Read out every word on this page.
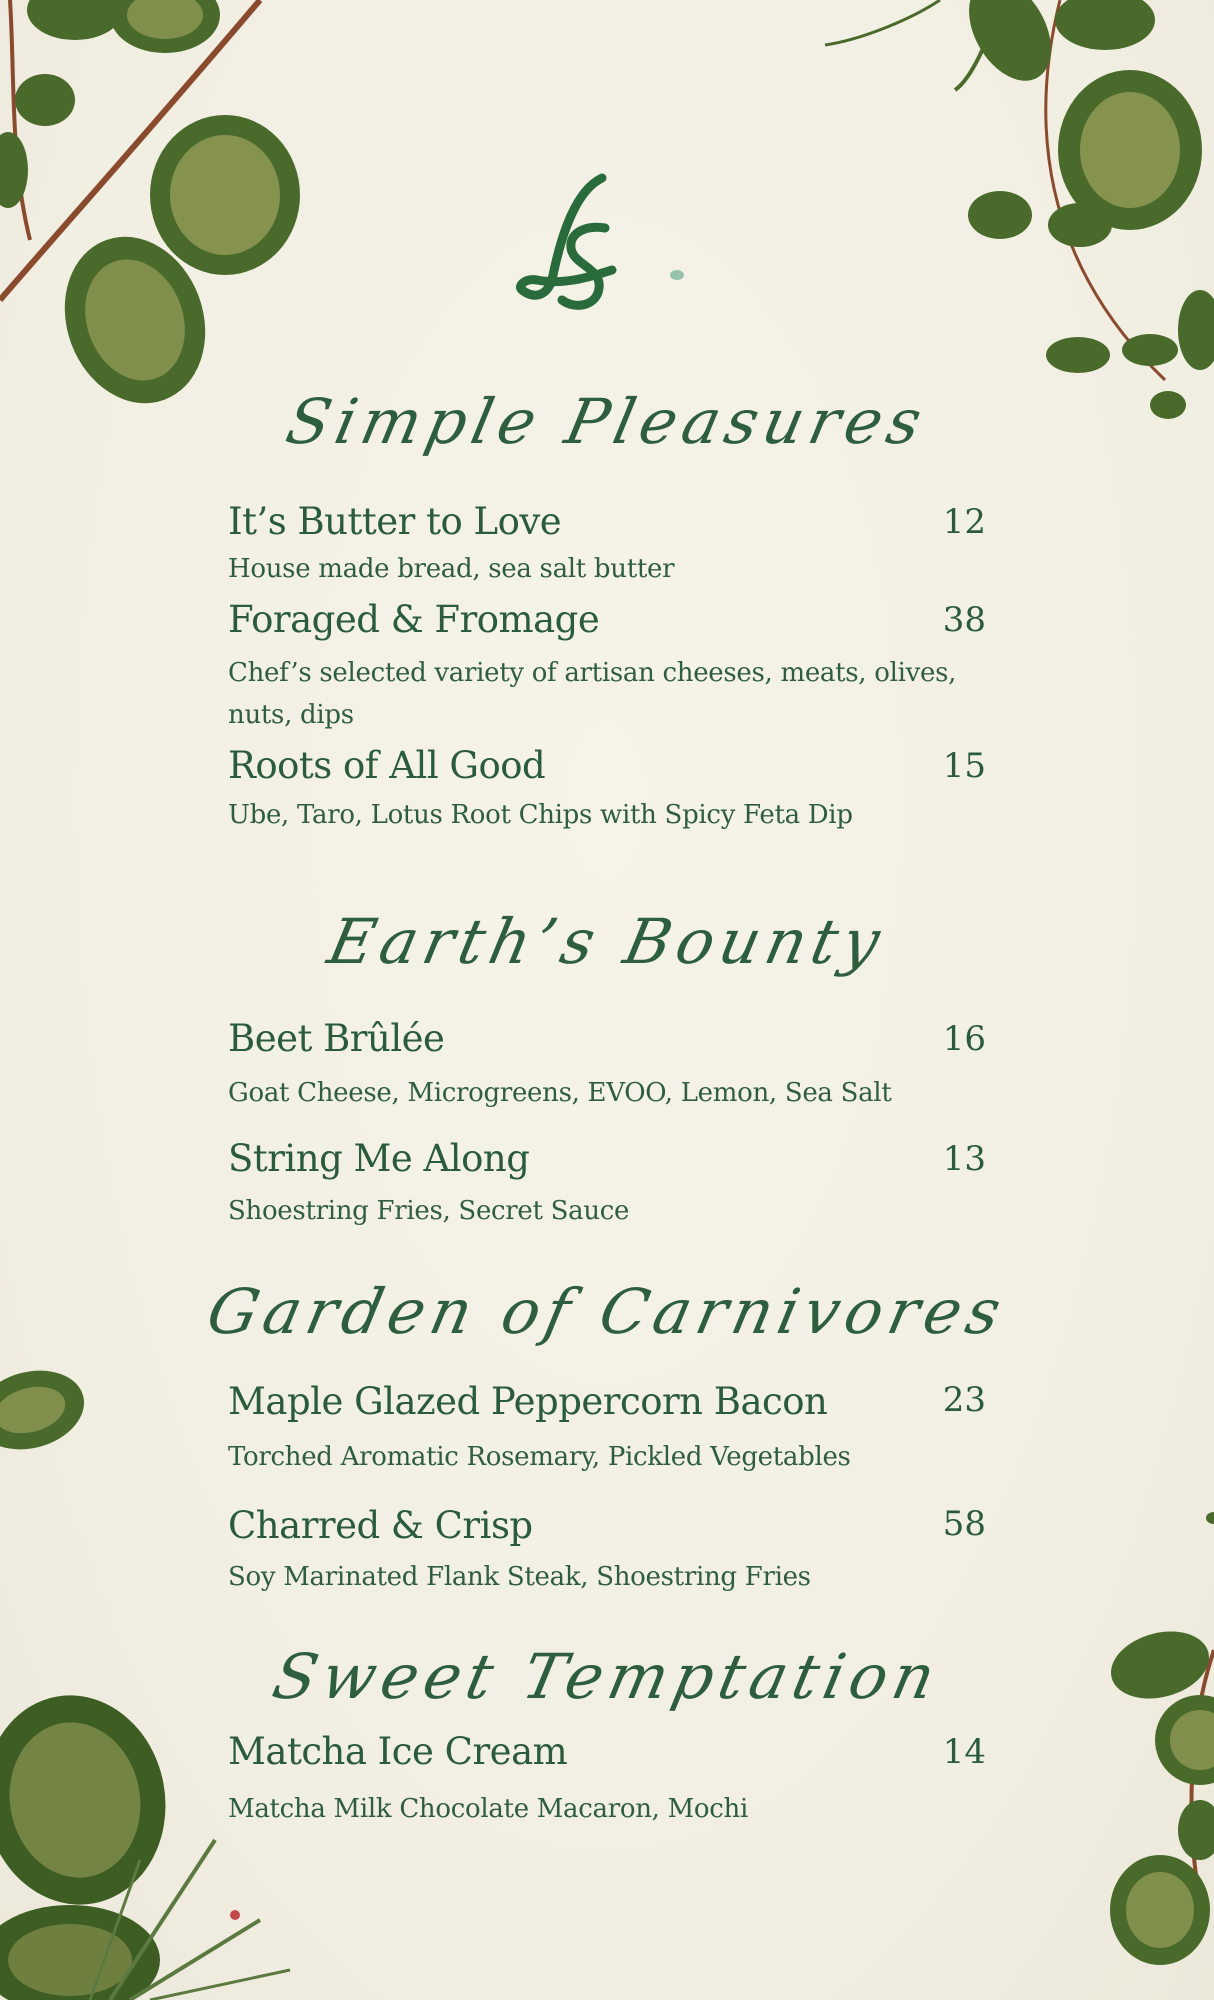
Simple Pleasures
It’s Butter to Love	12
House made bread, sea salt butter
Foraged & Fromage	38
Chef’s selected variety of artisan cheeses, meats, olives, nuts, dips
Roots of All Good	15
Ube, Taro, Lotus Root Chips with Spicy Feta Dip
Earth’s Bounty
Beet Brûlée	16
Goat Cheese, Microgreens, EVOO, Lemon, Sea Salt
String Me Along	13
Shoestring Fries, Secret Sauce
Garden of Carnivores
Maple Glazed Peppercorn Bacon	23
Torched Aromatic Rosemary, Pickled Vegetables
Charred & Crisp	58
Soy Marinated Flank Steak, Shoestring Fries
Sweet Temptation
Matcha Ice Cream	14
Matcha Milk Chocolate Macaron, Mochi
